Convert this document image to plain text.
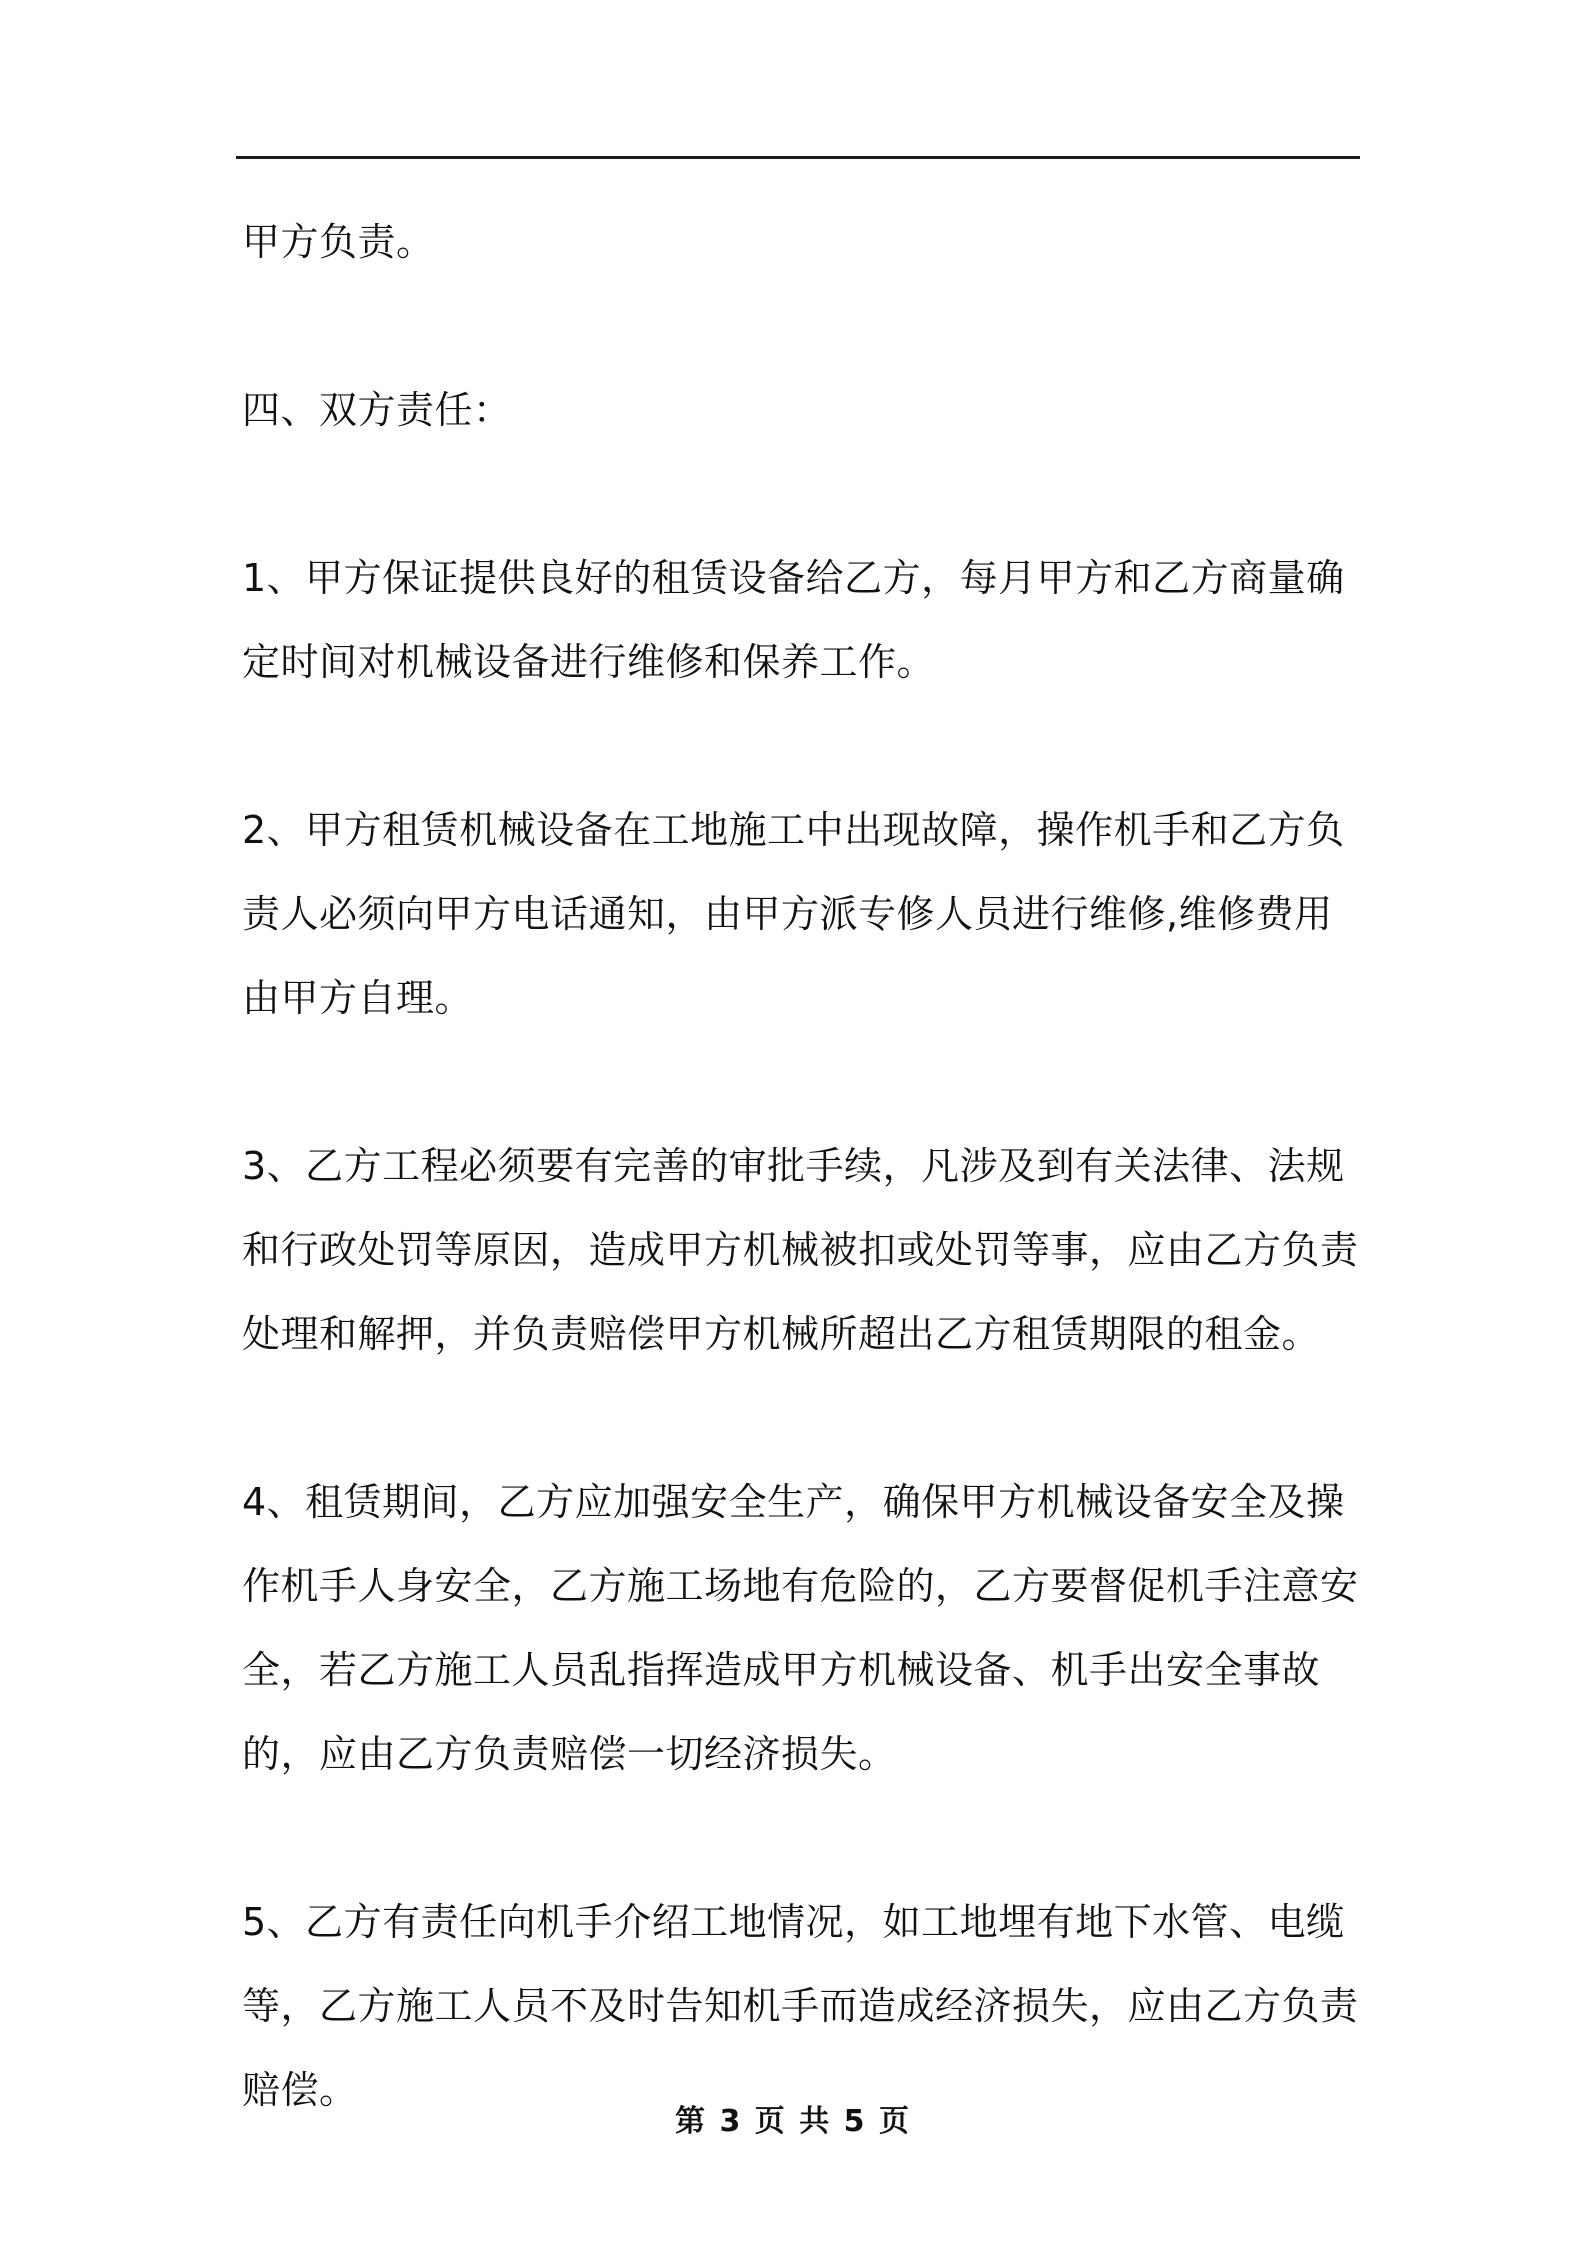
甲方负责。

四、双方责任：

1、甲方保证提供良好的租赁设备给乙方，每月甲方和乙方商量确定时间对机械设备进行维修和保养工作。

2、甲方租赁机械设备在工地施工中出现故障，操作机手和乙方负责人必须向甲方电话通知，由甲方派专修人员进行维修,维修费用由甲方自理。

3、乙方工程必须要有完善的审批手续，凡涉及到有关法律、法规和行政处罚等原因，造成甲方机械被扣或处罚等事，应由乙方负责处理和解押，并负责赔偿甲方机械所超出乙方租赁期限的租金。

4、租赁期间，乙方应加强安全生产，确保甲方机械设备安全及操作机手人身安全，乙方施工场地有危险的，乙方要督促机手注意安全，若乙方施工人员乱指挥造成甲方机械设备、机手出安全事故的，应由乙方负责赔偿一切经济损失。

5、乙方有责任向机手介绍工地情况，如工地埋有地下水管、电缆等，乙方施工人员不及时告知机手而造成经济损失，应由乙方负责赔偿。

第 3 页 共 5 页
